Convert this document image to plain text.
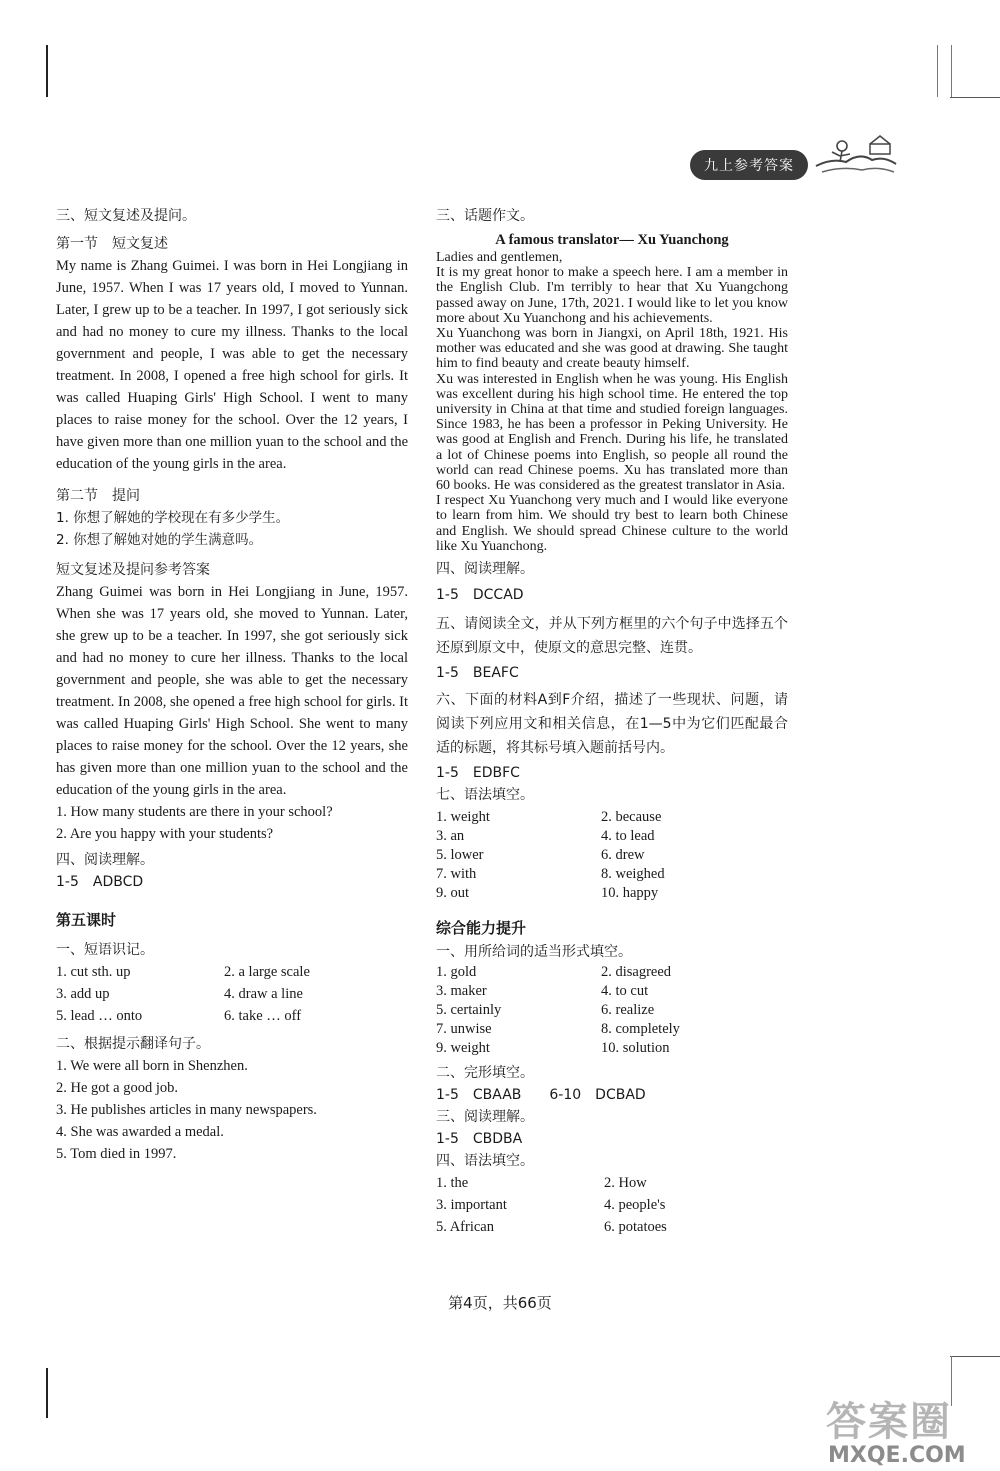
九上参考答案

三、短文复述及提问。

第一节　短文复述

My name is Zhang Guimei. I was born in Hei Longjiang in June, 1957. When I was 17 years old, I moved to Yunnan. Later, I grew up to be a teacher. In 1997, I got seriously sick and had no money to cure my illness. Thanks to the local government and people, I was able to get the necessary treatment. In 2008, I opened a free high school for girls. It was called Huaping Girls' High School. I went to many places to raise money for the school. Over the 12 years, I have given more than one million yuan to the school and the education of the young girls in the area.

第二节　提问

1. 你想了解她的学校现在有多少学生。

2. 你想了解她对她的学生满意吗。

短文复述及提问参考答案

Zhang Guimei was born in Hei Longjiang in June, 1957. When she was 17 years old, she moved to Yunnan. Later, she grew up to be a teacher. In 1997, she got seriously sick and had no money to cure her illness. Thanks to the local government and people, she was able to get the necessary treatment. In 2008, she opened a free high school for girls. It was called Huaping Girls' High School. She went to many places to raise money for the school. Over the 12 years, she has given more than one million yuan to the school and the education of the young girls in the area.

1. How many students are there in your school?

2. Are you happy with your students?

四、阅读理解。

1-5　ADBCD

第五课时

一、短语识记。

1. cut sth. up	2. a large scale
3. add up	4. draw a line
5. lead … onto	6. take … off

二、根据提示翻译句子。

1. We were all born in Shenzhen.

2. He got a good job.

3. He publishes articles in many newspapers.

4. She was awarded a medal.

5. Tom died in 1997.

三、话题作文。

A famous translator— Xu Yuanchong

Ladies and gentlemen,

It is my great honor to make a speech here. I am a member in the English Club. I'm terribly to hear that Xu Yuangchong passed away on June, 17th, 2021. I would like to let you know more about Xu Yuanchong and his achievements.

Xu Yuanchong was born in Jiangxi, on April 18th, 1921. His mother was educated and she was good at drawing. She taught him to find beauty and create beauty himself.

Xu was interested in English when he was young. His English was excellent during his high school time. He entered the top university in China at that time and studied foreign languages. Since 1983, he has been a professor in Peking University. He was good at English and French. During his life, he translated a lot of Chinese poems into English, so people all round the world can read Chinese poems. Xu has translated more than 60 books. He was considered as the greatest translator in Asia.

I respect Xu Yuanchong very much and I would like everyone to learn from him. We should try best to learn both Chinese and English. We should spread Chinese culture to the world like Xu Yuanchong.

四、阅读理解。

1-5　DCCAD

五、请阅读全文，并从下列方框里的六个句子中选择五个还原到原文中，使原文的意思完整、连贯。

1-5　BEAFC

六、下面的材料A到F介绍，描述了一些现状、问题，请阅读下列应用文和相关信息，在1—5中为它们匹配最合适的标题，将其标号填入题前括号内。

1-5　EDBFC

七、语法填空。

1. weight	2. because
3. an	4. to lead
5. lower	6. drew
7. with	8. weighed
9. out	10. happy
综合能力提升

一、用所给词的适当形式填空。

1. gold	2. disagreed
3. maker	4. to cut
5. certainly	6. realize
7. unwise	8. completely
9. weight	10. solution

二、完形填空。

1-5　CBAAB　　6-10　DCBAD

三、阅读理解。

1-5　CBDBA

四、语法填空。

1. the	2. How
3. important	4. people's
5. African	6. potatoes
第4页，共66页
答案圈
MXQE.COM
